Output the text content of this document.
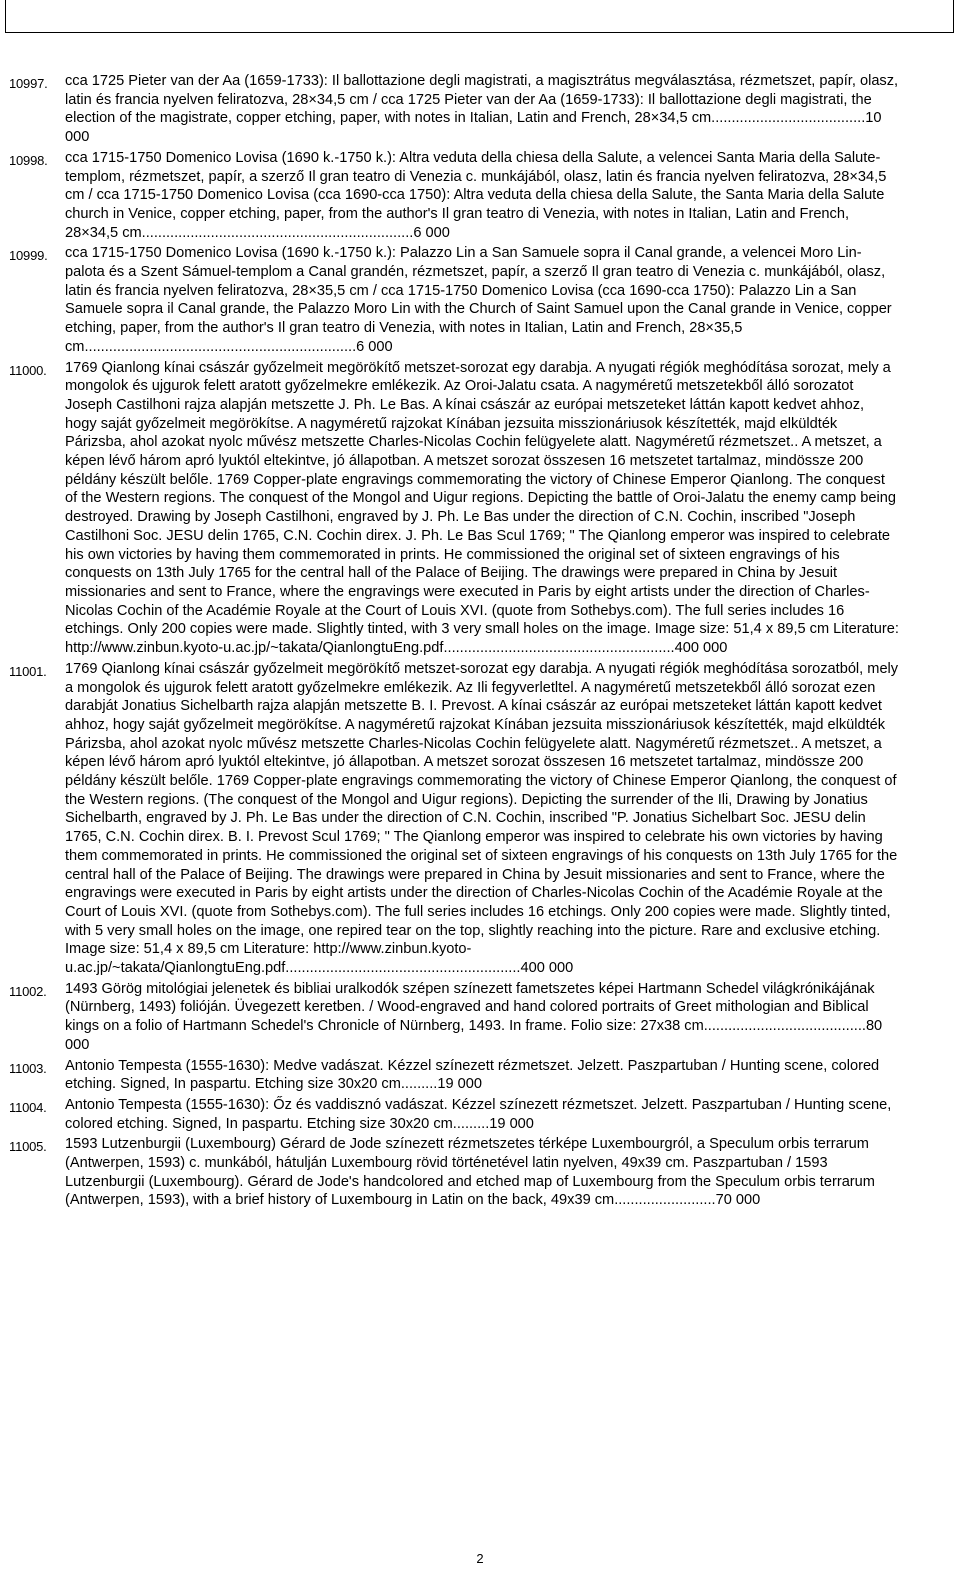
10997. cca 1725 Pieter van der Aa (1659-1733): Il ballottazione degli magistrati, a magisztrátus megválasztása, rézmetszet, papír, olasz, latin és francia nyelven feliratozva, 28×34,5 cm / cca 1725 Pieter van der Aa (1659-1733): Il ballottazione degli magistrati, the election of the magistrate, copper etching, paper, with notes in Italian, Latin and French, 28×34,5 cm......................................10 000
10998. cca 1715-1750 Domenico Lovisa (1690 k.-1750 k.): Altra veduta della chiesa della Salute, a velencei Santa Maria della Salute-templom, rézmetszet, papír, a szerző Il gran teatro di Venezia c. munkájából, olasz, latin és francia nyelven feliratozva, 28×34,5 cm / cca 1715-1750 Domenico Lovisa (cca 1690-cca 1750): Altra veduta della chiesa della Salute, the Santa Maria della Salute church in Venice, copper etching, paper, from the author's Il gran teatro di Venezia, with notes in Italian, Latin and French, 28×34,5 cm...................................................................6 000
10999. cca 1715-1750 Domenico Lovisa (1690 k.-1750 k.): Palazzo Lin a San Samuele sopra il Canal grande, a velencei Moro Lin-palota és a Szent Sámuel-templom a Canal grandén, rézmetszet, papír, a szerző Il gran teatro di Venezia c. munkájából, olasz, latin és francia nyelven feliratozva, 28×35,5 cm / cca 1715-1750 Domenico Lovisa (cca 1690-cca 1750): Palazzo Lin a San Samuele sopra il Canal grande, the Palazzo Moro Lin with the Church of Saint Samuel upon the Canal grande in Venice, copper etching, paper, from the author's Il gran teatro di Venezia, with notes in Italian, Latin and French, 28×35,5 cm...................................................................6 000
11000. 1769 Qianlong kínai császár győzelmeit megörökítő metszet-sorozat egy darabja. A nyugati régiók meghódítása sorozat, mely a mongolok és ujgurok felett aratott győzelmekre emlékezik. Az Oroi-Jalatu csata. A nagyméretű metszetekből álló sorozatot Joseph Castilhoni rajza alapján metszette J. Ph. Le Bas. A kínai császár az európai metszeteket láttán kapott kedvet ahhoz, hogy saját győzelmeit megörökítse. A nagyméretű rajzokat Kínában jezsuita misszionáriusok készítették, majd elküldték Párizsba, ahol azokat nyolc művész metszette Charles-Nicolas Cochin felügyelete alatt. Nagyméretű rézmetszet.. A metszet, a képen lévő három apró lyuktól eltekintve, jó állapotban. A metszet sorozat összesen 16 metszetet tartalmaz, mindössze 200 példány készült belőle. 1769 Copper-plate engravings commemorating the victory of Chinese Emperor Qianlong. The conquest of the Western regions. The conquest of the Mongol and Uigur regions. Depicting the battle of Oroi-Jalatu the enemy camp being destroyed. Drawing by Joseph Castilhoni, engraved by J. Ph. Le Bas under the direction of C.N. Cochin, inscribed "Joseph Castilhoni Soc. JESU delin 1765, C.N. Cochin direx. J. Ph. Le Bas Scul 1769; " The Qianlong emperor was inspired to celebrate his own victories by having them commemorated in prints. He commissioned the original set of sixteen engravings of his conquests on 13th July 1765 for the central hall of the Palace of Beijing. The drawings were prepared in China by Jesuit missionaries and sent to France, where the engravings were executed in Paris by eight artists under the direction of Charles-Nicolas Cochin of the Académie Royale at the Court of Louis XVI. (quote from Sothebys.com). The full series includes 16 etchings. Only 200 copies were made. Slightly tinted, with 3 very small holes on the image. Image size: 51,4 x 89,5 cm Literature: http://www.zinbun.kyoto-u.ac.jp/~takata/QianlongtuEng.pdf.........................................................400 000
11001. 1769 Qianlong kínai császár győzelmeit megörökítő metszet-sorozat egy darabja. A nyugati régiók meghódítása sorozatból, mely a mongolok és ujgurok felett aratott győzelmekre emlékezik. Az Ili fegyverletltel. A nagyméretű metszetekből álló sorozat ezen darabját Jonatius Sichelbarth rajza alapján metszette B. I. Prevost. A kínai császár az európai metszeteket láttán kapott kedvet ahhoz, hogy saját győzelmeit megörökítse. A nagyméretű rajzokat Kínában jezsuita misszionáriusok készítették, majd elküldték Párizsba, ahol azokat nyolc művész metszette Charles-Nicolas Cochin felügyelete alatt. Nagyméretű rézmetszet.. A metszet, a képen lévő három apró lyuktól eltekintve, jó állapotban. A metszet sorozat összesen 16 metszetet tartalmaz, mindössze 200 példány készült belőle. 1769 Copper-plate engravings commemorating the victory of Chinese Emperor Qianlong, the conquest of the Western regions. (The conquest of the Mongol and Uigur regions). Depicting the surrender of the Ili, Drawing by Jonatius Sichelbarth, engraved by J. Ph. Le Bas under the direction of C.N. Cochin, inscribed "P. Jonatius Sichelbart Soc. JESU delin 1765, C.N. Cochin direx. B. I. Prevost Scul 1769; " The Qianlong emperor was inspired to celebrate his own victories by having them commemorated in prints. He commissioned the original set of sixteen engravings of his conquests on 13th July 1765 for the central hall of the Palace of Beijing. The drawings were prepared in China by Jesuit missionaries and sent to France, where the engravings were executed in Paris by eight artists under the direction of Charles-Nicolas Cochin of the Académie Royale at the Court of Louis XVI. (quote from Sothebys.com). The full series includes 16 etchings. Only 200 copies were made. Slightly tinted, with 5 very small holes on the image, one repired tear on the top, slightly reaching into the picture. Rare and exclusive etching. Image size: 51,4 x 89,5 cm Literature: http://www.zinbun.kyoto-u.ac.jp/~takata/QianlongtuEng.pdf..........................................................400 000
11002. 1493 Görög mitológiai jelenetek és bibliai uralkodók szépen színezett fametszetes képei Hartmann Schedel világkrónikájának (Nürnberg, 1493) folióján. Üvegezett keretben. / Wood-engraved and hand colored portraits of Greet mithologian and Biblical kings on a folio of Hartmann Schedel's Chronicle of Nürnberg, 1493. In frame. Folio size: 27x38 cm........................................80 000
11003. Antonio Tempesta (1555-1630): Medve vadászat. Kézzel színezett rézmetszet. Jelzett. Paszpartuban / Hunting scene, colored etching. Signed, In paspartu. Etching size 30x20 cm.........19 000
11004. Antonio Tempesta (1555-1630): Őz és vaddisznó vadászat. Kézzel színezett rézmetszet. Jelzett. Paszpartuban / Hunting scene, colored etching. Signed, In paspartu. Etching size 30x20 cm.........19 000
11005. 1593 Lutzenburgii (Luxembourg) Gérard de Jode színezett rézmetszetes térképe Luxembourgról, a Speculum orbis terrarum (Antwerpen, 1593) c. munkából, hátulján Luxembourg rövid történetével latin nyelven, 49x39 cm. Paszpartuban / 1593 Lutzenburgii (Luxembourg). Gérard de Jode's handcolored and etched map of Luxembourg from the Speculum orbis terrarum (Antwerpen, 1593), with a brief history of Luxembourg in Latin on the back, 49x39 cm.........................70 000
2
